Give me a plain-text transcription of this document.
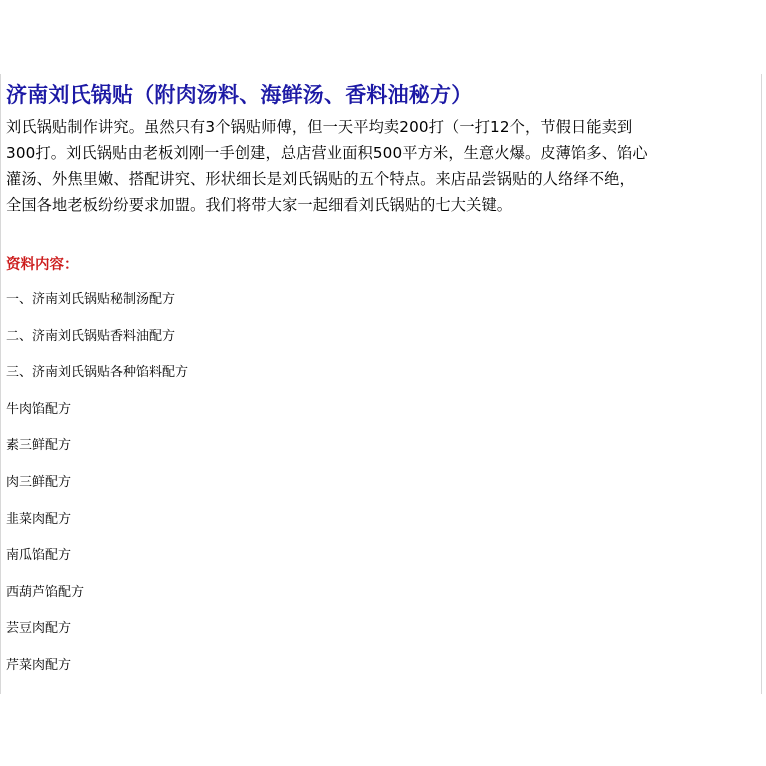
济南刘氏锅贴（附肉汤料、海鲜汤、香料油秘方）
刘氏锅贴制作讲究。虽然只有3个锅贴师傅，但一天平均卖200打（一打12个，节假日能卖到
300打。刘氏锅贴由老板刘刚一手创建，总店营业面积500平方米，生意火爆。皮薄馅多、馅心
灌汤、外焦里嫩、搭配讲究、形状细长是刘氏锅贴的五个特点。来店品尝锅贴的人络绎不绝，
全国各地老板纷纷要求加盟。我们将带大家一起细看刘氏锅贴的七大关键。
资料内容：
一、济南刘氏锅贴秘制汤配方
二、济南刘氏锅贴香料油配方
三、济南刘氏锅贴各种馅料配方
牛肉馅配方
素三鲜配方
肉三鲜配方
韭菜肉配方
南瓜馅配方
西葫芦馅配方
芸豆肉配方
芹菜肉配方
